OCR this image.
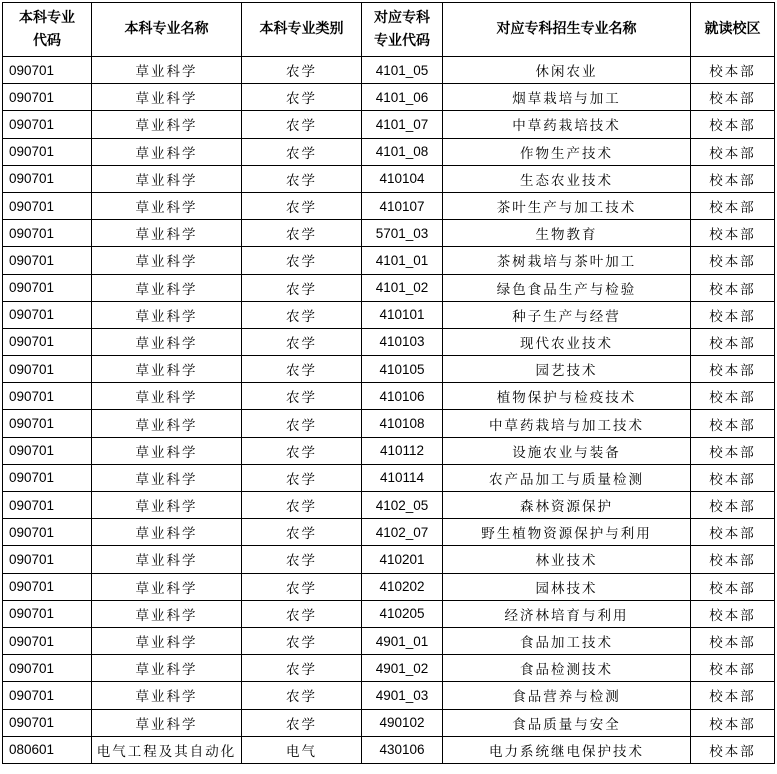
本科专业代码	本科专业名称	本科专业类别	对应专科专业代码	对应专科招生专业名称	就读校区
090701	草业科学	农学	4101_05	休闲农业	校本部
090701	草业科学	农学	4101_06	烟草栽培与加工	校本部
090701	草业科学	农学	4101_07	中草药栽培技术	校本部
090701	草业科学	农学	4101_08	作物生产技术	校本部
090701	草业科学	农学	410104	生态农业技术	校本部
090701	草业科学	农学	410107	茶叶生产与加工技术	校本部
090701	草业科学	农学	5701_03	生物教育	校本部
090701	草业科学	农学	4101_01	茶树栽培与茶叶加工	校本部
090701	草业科学	农学	4101_02	绿色食品生产与检验	校本部
090701	草业科学	农学	410101	种子生产与经营	校本部
090701	草业科学	农学	410103	现代农业技术	校本部
090701	草业科学	农学	410105	园艺技术	校本部
090701	草业科学	农学	410106	植物保护与检疫技术	校本部
090701	草业科学	农学	410108	中草药栽培与加工技术	校本部
090701	草业科学	农学	410112	设施农业与装备	校本部
090701	草业科学	农学	410114	农产品加工与质量检测	校本部
090701	草业科学	农学	4102_05	森林资源保护	校本部
090701	草业科学	农学	4102_07	野生植物资源保护与利用	校本部
090701	草业科学	农学	410201	林业技术	校本部
090701	草业科学	农学	410202	园林技术	校本部
090701	草业科学	农学	410205	经济林培育与利用	校本部
090701	草业科学	农学	4901_01	食品加工技术	校本部
090701	草业科学	农学	4901_02	食品检测技术	校本部
090701	草业科学	农学	4901_03	食品营养与检测	校本部
090701	草业科学	农学	490102	食品质量与安全	校本部
080601	电气工程及其自动化	电气	430106	电力系统继电保护技术	校本部
